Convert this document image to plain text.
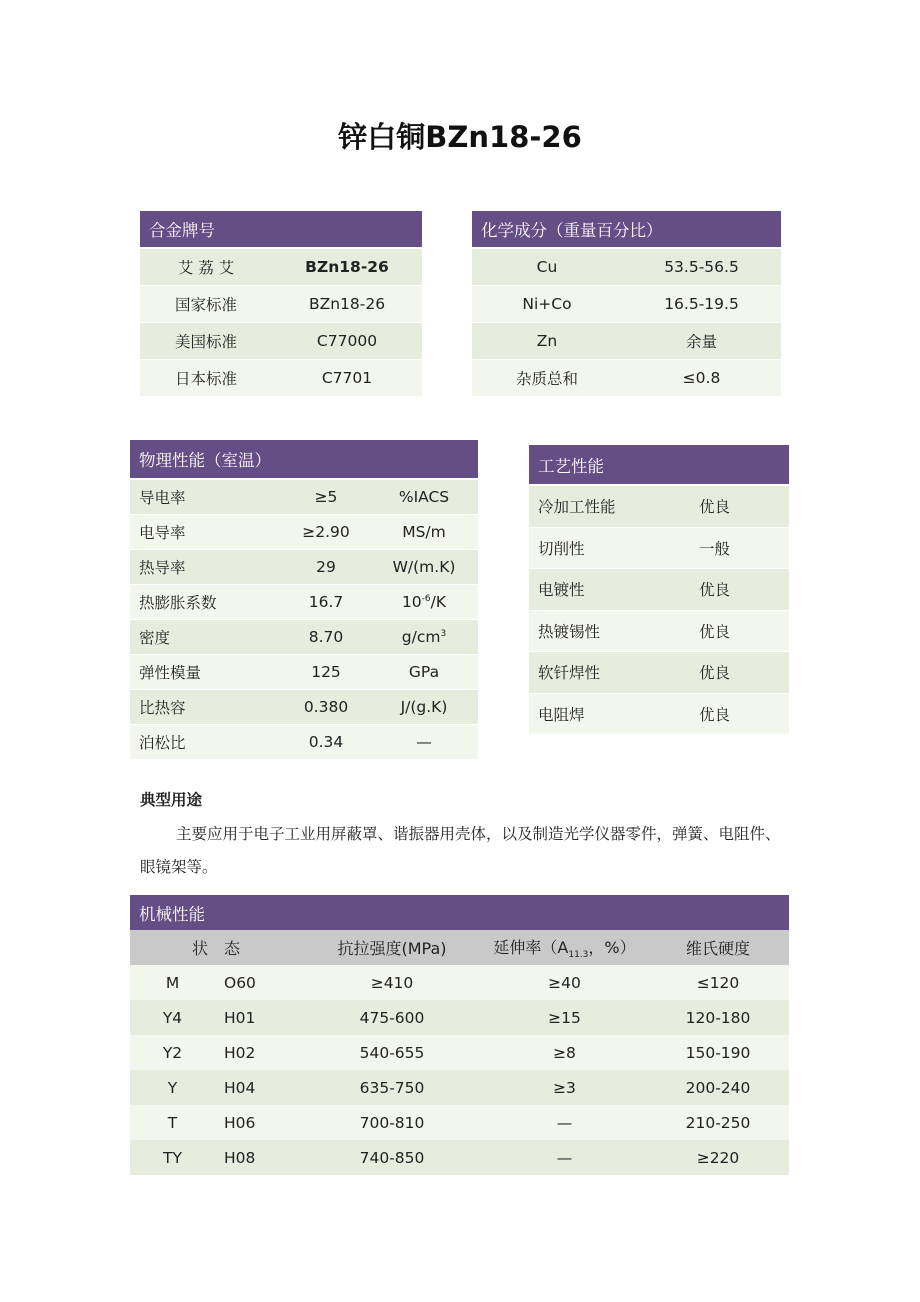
锌白铜BZn18-26
合金牌号
艾 荔 艾	BZn18-26
国家标准	BZn18-26
美国标准	C77000
日本标准	C7701
化学成分（重量百分比）
Cu	53.5-56.5
Ni+Co	16.5-19.5
Zn	余量
杂质总和	≤0.8
物理性能（室温）
导电率	≥5	%IACS
电导率	≥2.90	MS/m
热导率	29	W/(m.K)
热膨胀系数	16.7	$10^{-6}/K$
密度	8.70	$g/cm^3$
弹性模量	125	GPa
比热容	0.380	J/(g.K)
泊松比	0.34	—
工艺性能
冷加工性能	优良
切削性	一般
电镀性	优良
热镀锡性	优良
软钎焊性	优良
电阻焊	优良
典型用途
主要应用于电子工业用屏蔽罩、谐振器用壳体，以及制造光学仪器零件，弹簧、电阻件、眼镜架等。
机械性能
状　态	抗拉强度(MPa)	延伸率（$A_{11.3}$，%）	维氏硬度
M	O60	≥410	≥40	≤120
Y4	H01	475-600	≥15	120-180
Y2	H02	540-655	≥8	150-190
Y	H04	635-750	≥3	200-240
T	H06	700-810	—	210-250
TY	H08	740-850	—	≥220
